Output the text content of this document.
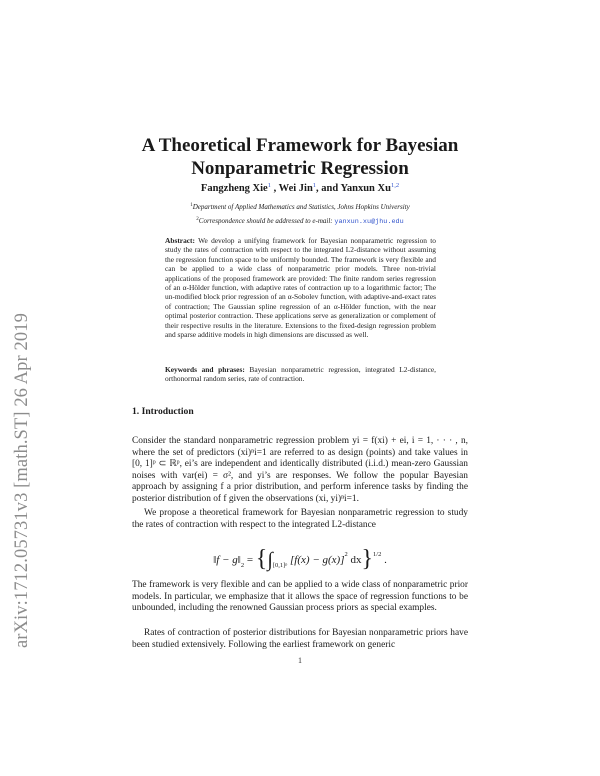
arXiv:1712.05731v3 [math.ST] 26 Apr 2019
A Theoretical Framework for Bayesian
Nonparametric Regression
Fangzheng Xie$^1$ , Wei Jin$^1$, and Yanxun Xu$^{1,2}$
$^1$Department of Applied Mathematics and Statistics, Johns Hopkins University
$^2$Correspondence should be addressed to e-mail: yanxun.xu@jhu.edu
Abstract: We develop a unifying framework for Bayesian nonparametric regression to study the rates of contraction with respect to the integrated L2-distance without assuming the regression function space to be uniformly bounded. The framework is very flexible and can be applied to a wide class of nonparametric prior models. Three non-trivial applications of the proposed framework are provided: The finite random series regression of an α-Hölder function, with adaptive rates of contraction up to a logarithmic factor; The un-modified block prior regression of an α-Sobolev function, with adaptive-and-exact rates of contraction; The Gaussian spline regression of an α-Hölder function, with the near optimal posterior contraction. These applications serve as generalization or complement of their respective results in the literature. Extensions to the fixed-design regression problem and sparse additive models in high dimensions are discussed as well.
Keywords and phrases: Bayesian nonparametric regression, integrated L2-distance, orthonormal random series, rate of contraction.
1. Introduction
Consider the standard nonparametric regression problem yi = f(xi) + ei, i = 1, · · · , n, where the set of predictors (xi)ⁿi=1 are referred to as design (points) and take values in [0, 1]ᵖ ⊂ ℝᵖ, ei’s are independent and identically distributed (i.i.d.) mean-zero Gaussian noises with var(ei) = σ², and yi’s are responses. We follow the popular Bayesian approach by assigning f a prior distribution, and perform inference tasks by finding the posterior distribution of f given the observations (xi, yi)ⁿi=1.
We propose a theoretical framework for Bayesian nonparametric regression to study the rates of contraction with respect to the integrated L2-distance
‖f − $g‖_2 = \{\int_{[0,1]ᵖ}$ $[f(x) - g(x)]^2$ dx}$^{1/2}$ .
The framework is very flexible and can be applied to a wide class of nonparametric prior models. In particular, we emphasize that it allows the space of regression functions to be unbounded, including the renowned Gaussian process priors as special examples.
Rates of contraction of posterior distributions for Bayesian nonparametric priors have been studied extensively. Following the earliest framework on generic
1
